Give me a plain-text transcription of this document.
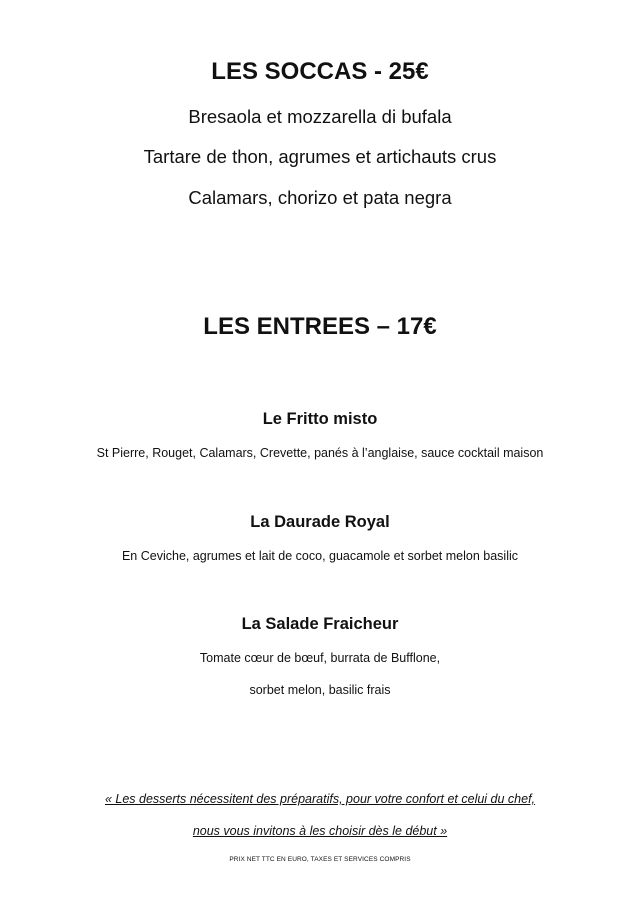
LES SOCCAS - 25€
Bresaola et mozzarella di bufala
Tartare de thon, agrumes et artichauts crus
Calamars, chorizo et pata negra
LES ENTREES – 17€
Le Fritto misto
St Pierre, Rouget, Calamars, Crevette, panés à l’anglaise, sauce cocktail maison
La Daurade Royal
En Ceviche, agrumes et lait de coco, guacamole et sorbet melon basilic
La Salade Fraicheur
Tomate cœur de bœuf, burrata de Bufflone,
sorbet melon, basilic frais
« Les desserts nécessitent des préparatifs, pour votre confort et celui du chef,
nous vous invitons à les choisir dès le début »
PRIX NET TTC EN EURO, TAXES ET SERVICES COMPRIS
